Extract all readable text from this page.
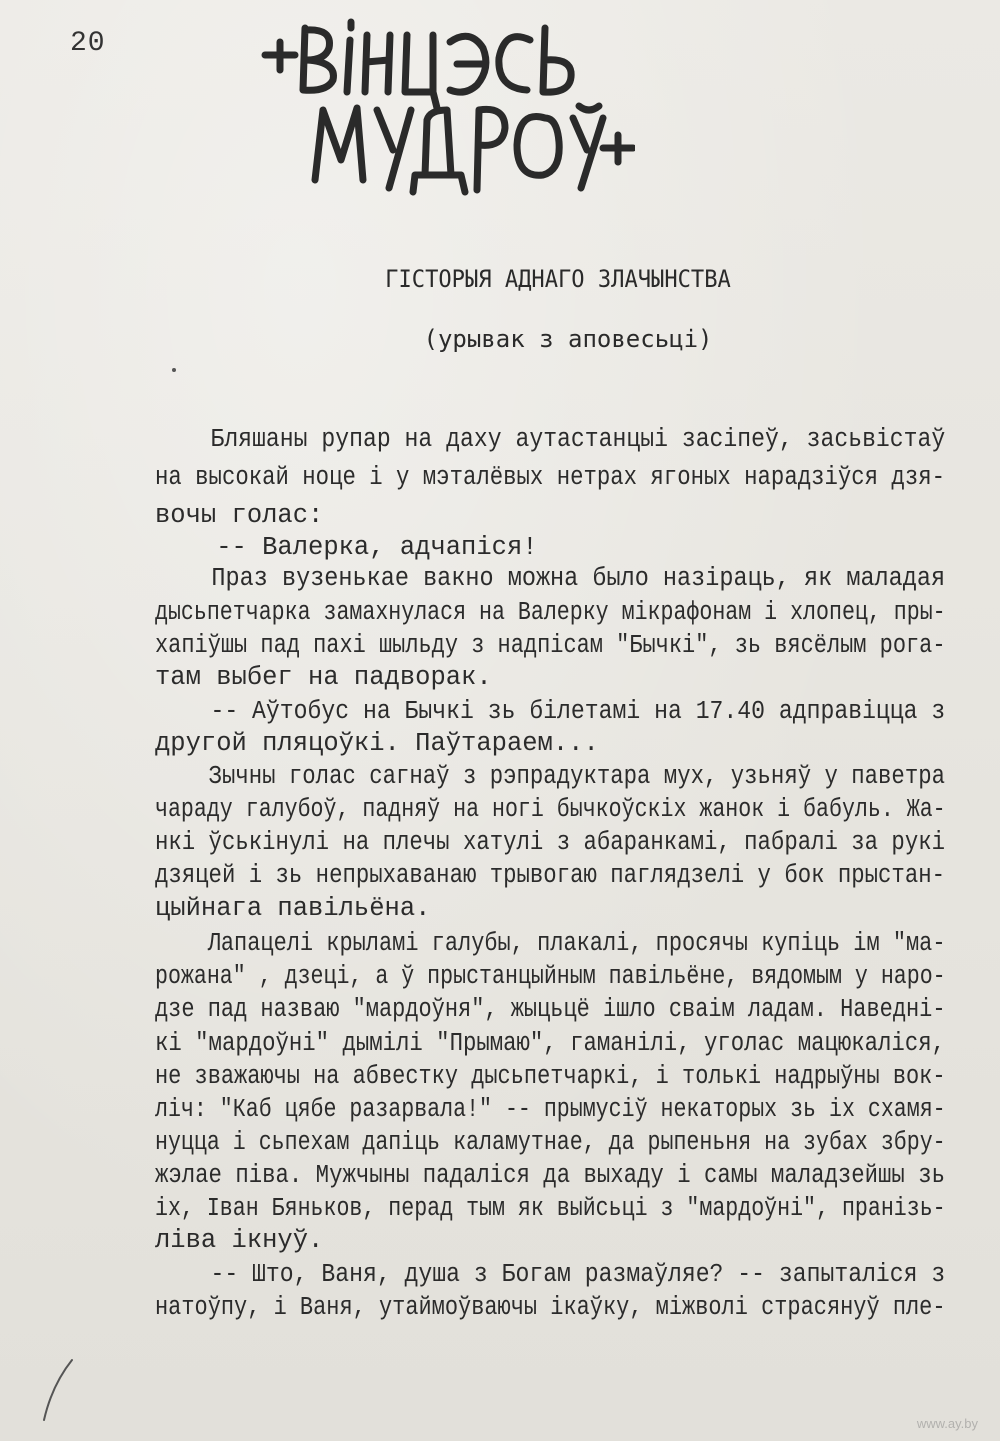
20
ГІСТОРЫЯ АДНАГО ЗЛАЧЫНСТВА
(урывак з аповесьці)
Бляшаны рупар на даху аутастанцыі засіпеў, засьвістаў
на высокай ноце і у мэталёвых нетрах ягоных нарадзіўся дзя-
вочы голас:
-- Валерка, адчапіся!
Праз вузенькае вакно можна было назіраць, як маладая
дысьпетчарка замахнулася на Валерку мікрафонам і хлопец, пры-
хапіўшы пад пахі шыльду з надпісам "Бычкі", зь вясёлым рога-
там выбег на падворак.
-- Аўтобус на Бычкі зь білетамі на 17.40 адправіцца з
другой пляцоўкі. Паўтараем...
Зычны голас сагнаў з рэпрадуктара мух, узьняў у паветра
чараду галубоў, падняў на ногі бычкоўскіх жанок і бабуль. Жа-
нкі ўськінулі на плечы хатулі з абаранкамі, пабралі за рукі
дзяцей і зь непрыхаванаю трывогаю паглядзелі у бок прыстан-
цыйнага павільёна.
Лапацелі крыламі галубы, плакалі, просячы купіць ім "ма-
рожана" , дзеці, а ў прыстанцыйным павільёне, вядомым у наро-
дзе пад назваю "мардоўня", жыцьцё ішло сваім ладам. Наведні-
кі "мардоўні" дымілі "Прымаю", гаманілі, уголас мацюкаліся,
не зважаючы на абвестку дысьпетчаркі, і толькі надрыўны вок-
ліч: "Каб цябе разарвала!" -- прымусіў некаторых зь іх схамя-
нуцца і сьпехам дапіць каламутнае, да рыпеньня на зубах збру-
жэлае піва. Мужчыны падаліся да выхаду і самы маладзейшы зь
іх, Іван Бяньков, перад тым як выйсьці з "мардоўні", пранізь-
ліва ікнуў.
-- Што, Ваня, душа з Богам размаўляе? -- запыталіся з
натоўпу, і Ваня, утаймоўваючы ікаўку, міжволі страсянуў пле-
www.ay.by
